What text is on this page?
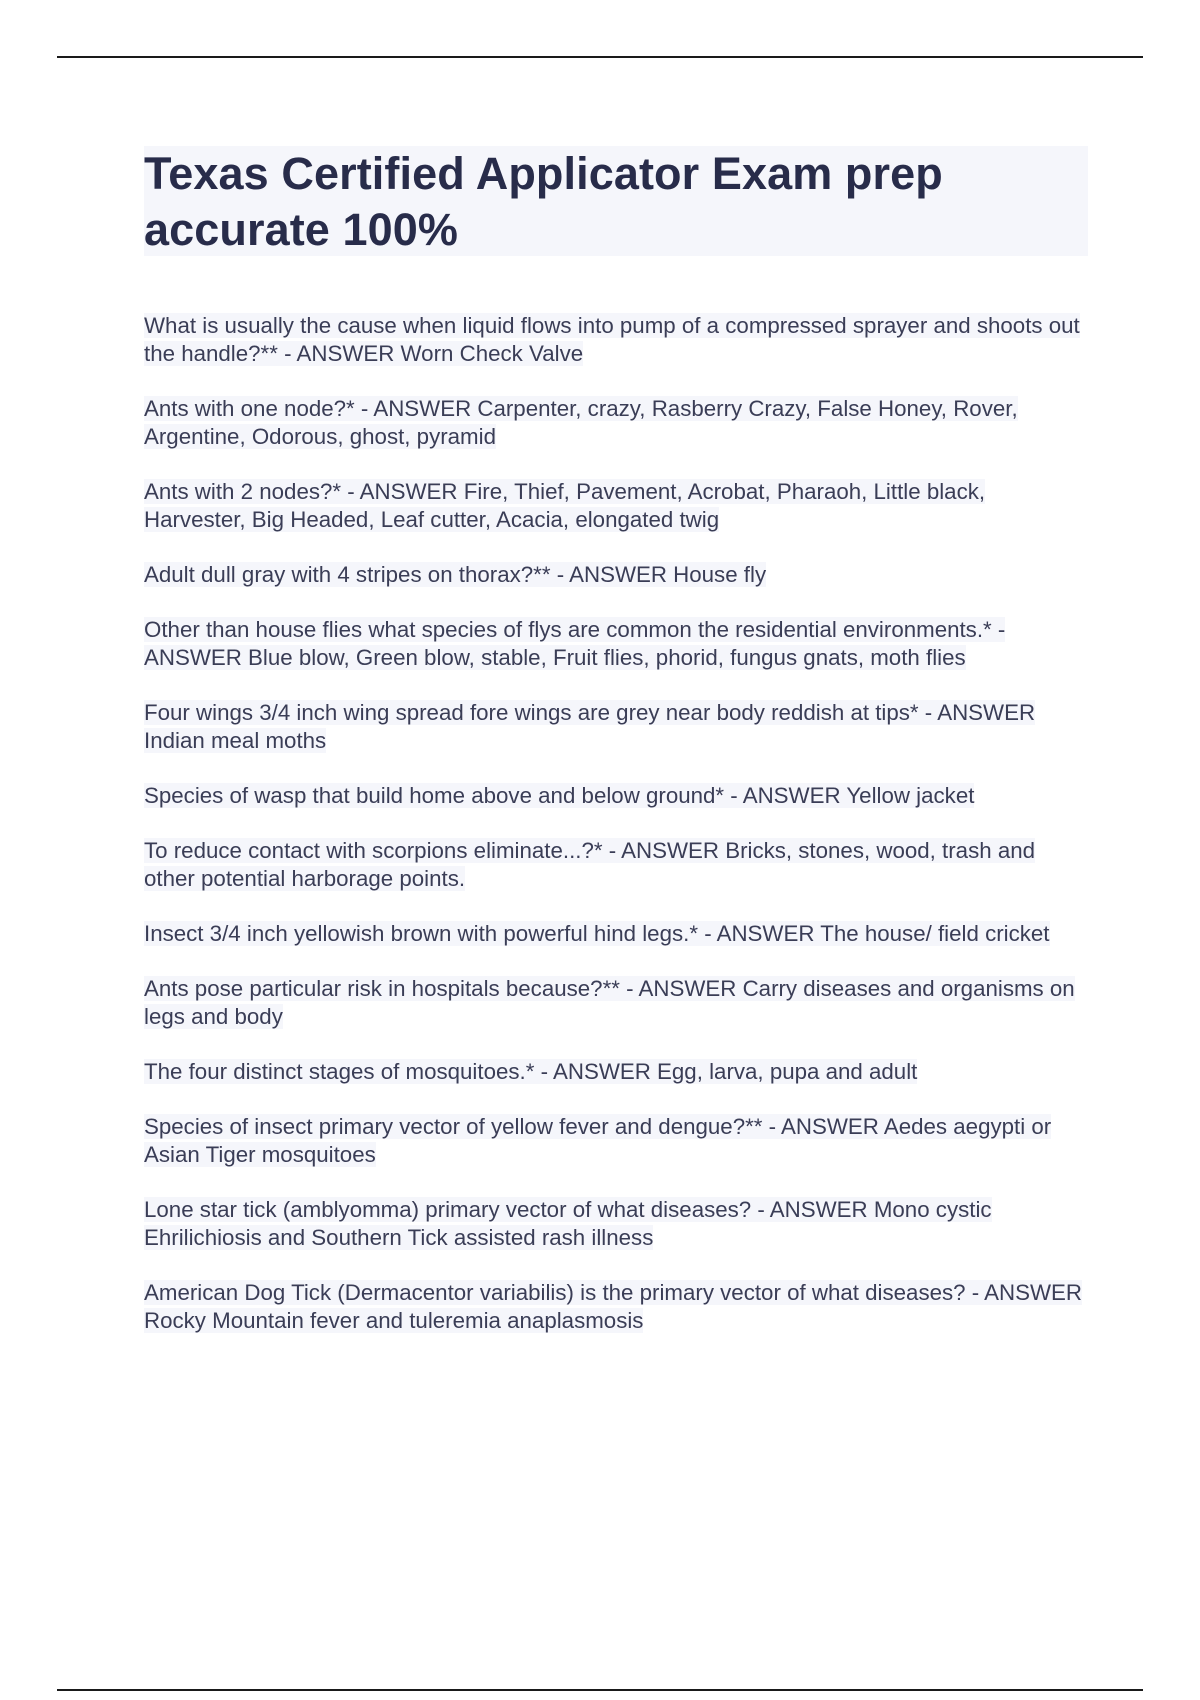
Texas Certified Applicator Exam prep accurate 100%
What is usually the cause when liquid flows into pump of a compressed sprayer and shoots out the handle?** - ANSWER Worn Check Valve
Ants with one node?* - ANSWER Carpenter, crazy, Rasberry Crazy, False Honey, Rover, Argentine, Odorous, ghost, pyramid
Ants with 2 nodes?* - ANSWER Fire, Thief, Pavement, Acrobat, Pharaoh, Little black, Harvester, Big Headed, Leaf cutter, Acacia, elongated twig
Adult dull gray with 4 stripes on thorax?** - ANSWER House fly
Other than house flies what species of flys are common the residential environments.* - ANSWER Blue blow, Green blow, stable, Fruit flies, phorid, fungus gnats, moth flies
Four wings 3/4 inch wing spread fore wings are grey near body reddish at tips* - ANSWER Indian meal moths
Species of wasp that build home above and below ground* - ANSWER Yellow jacket
To reduce contact with scorpions eliminate...?* - ANSWER Bricks, stones, wood, trash and other potential harborage points.
Insect 3/4 inch yellowish brown with powerful hind legs.* - ANSWER The house/ field cricket
Ants pose particular risk in hospitals because?** - ANSWER Carry diseases and organisms on legs and body
The four distinct stages of mosquitoes.* - ANSWER Egg, larva, pupa and adult
Species of insect primary vector of yellow fever and dengue?** - ANSWER Aedes aegypti or Asian Tiger mosquitoes
Lone star tick (amblyomma) primary vector of what diseases? - ANSWER Mono cystic Ehrilichiosis and Southern Tick assisted rash illness
American Dog Tick (Dermacentor variabilis) is the primary vector of what diseases? - ANSWER Rocky Mountain fever and tuleremia anaplasmosis
